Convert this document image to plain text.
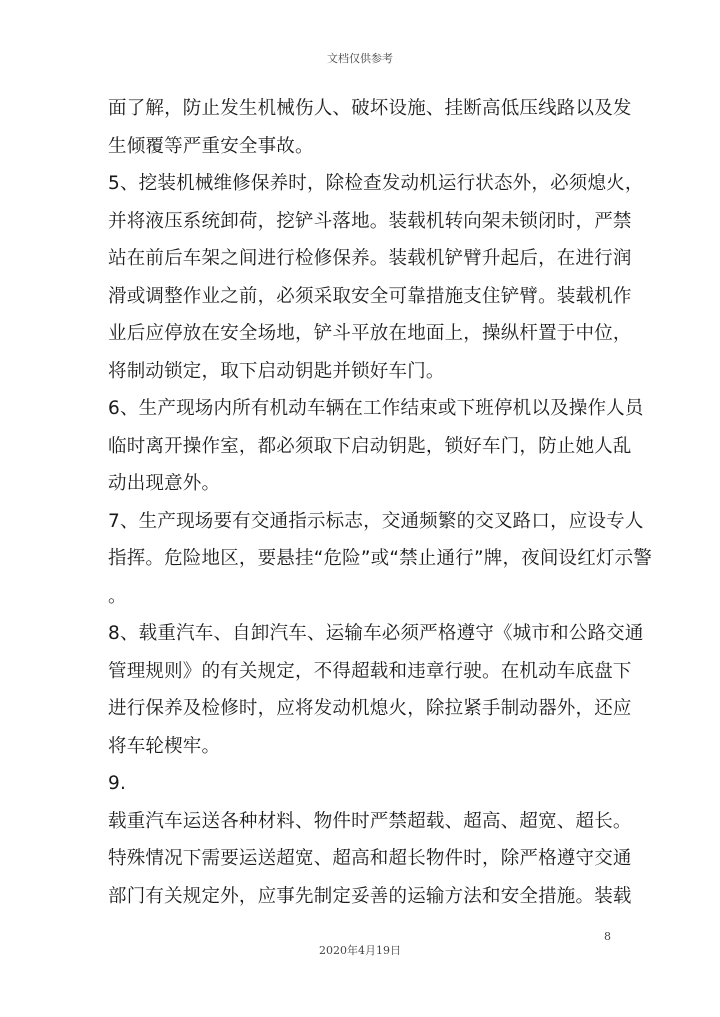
文档仅供参考
面了解，防止发生机械伤人、破坏设施、挂断高低压线路以及发
生倾覆等严重安全事故。
5、挖装机械维修保养时，除检查发动机运行状态外，必须熄火，
并将液压系统卸荷，挖铲斗落地。装载机转向架未锁闭时，严禁
站在前后车架之间进行检修保养。装载机铲臂升起后，在进行润
滑或调整作业之前，必须采取安全可靠措施支住铲臂。装载机作
业后应停放在安全场地，铲斗平放在地面上，操纵杆置于中位，
将制动锁定，取下启动钥匙并锁好车门。
6、生产现场内所有机动车辆在工作结束或下班停机以及操作人员
临时离开操作室，都必须取下启动钥匙，锁好车门，防止她人乱
动出现意外。
7、生产现场要有交通指示标志，交通频繁的交叉路口，应设专人
指挥。危险地区，要悬挂“危险”或“禁止通行”牌，夜间设红灯示警
。
8、载重汽车、自卸汽车、运输车必须严格遵守《城市和公路交通
管理规则》的有关规定，不得超载和违章行驶。在机动车底盘下
进行保养及检修时，应将发动机熄火，除拉紧手制动器外，还应
将车轮楔牢。
9.
载重汽车运送各种材料、物件时严禁超载、超高、超宽、超长。
特殊情况下需要运送超宽、超高和超长物件时，除严格遵守交通
部门有关规定外，应事先制定妥善的运输方法和安全措施。装载
8
2020年4月19日
